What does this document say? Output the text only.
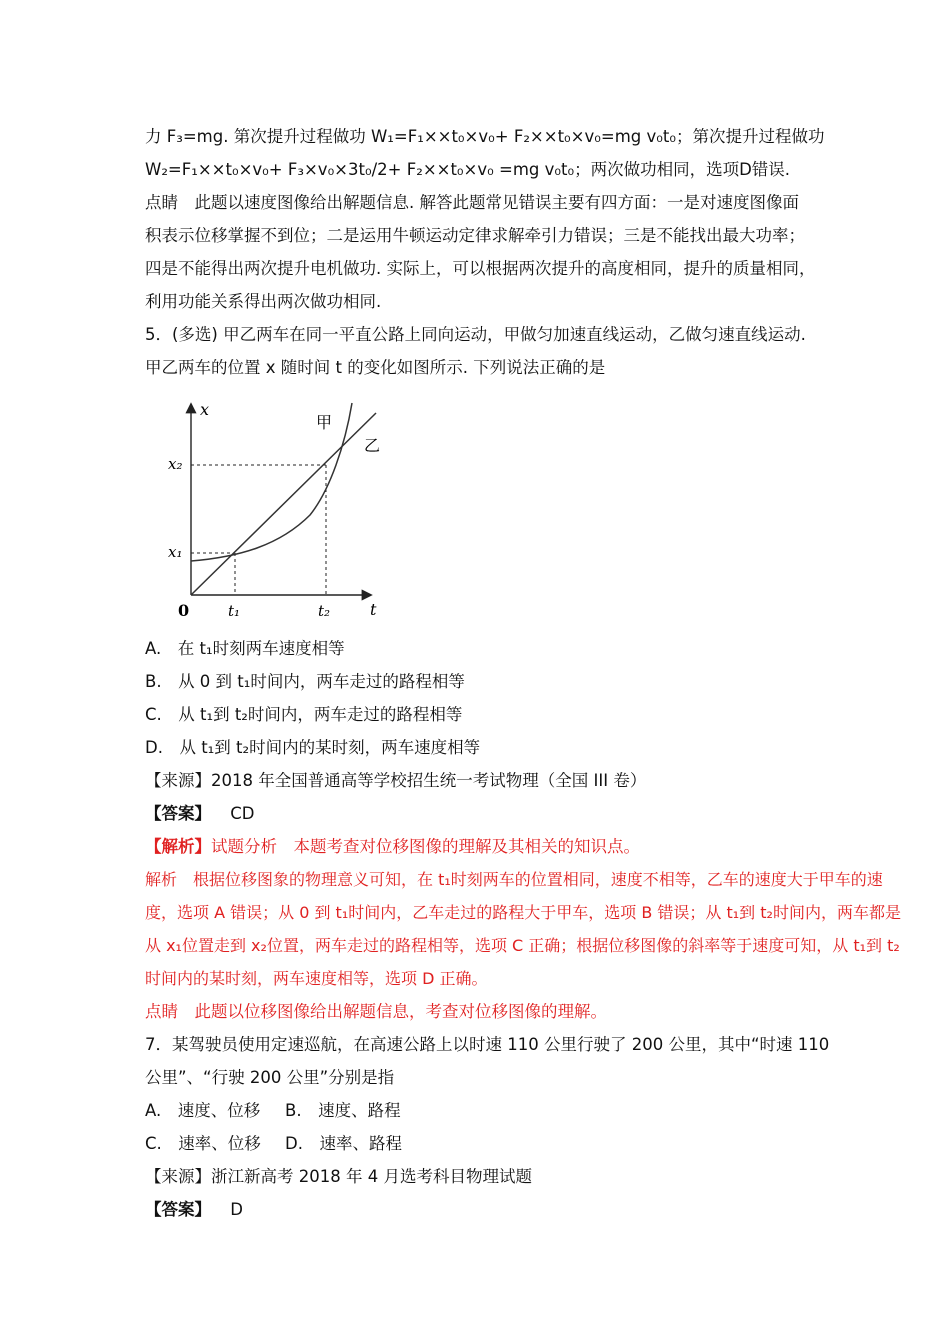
力 F₃=mg. 第次提升过程做功 W₁=F₁××t₀×v₀+ F₂××t₀×v₀=mg v₀t₀；第次提升过程做功
W₂=F₁××t₀×v₀+ F₃×v₀×3t₀/2+ F₂××t₀×v₀ =mg v₀t₀；两次做功相同，选项D错误.
点睛　此题以速度图像给出解题信息. 解答此题常见错误主要有四方面：一是对速度图像面
积表示位移掌握不到位；二是运用牛顿运动定律求解牵引力错误；三是不能找出最大功率；
四是不能得出两次提升电机做功. 实际上，可以根据两次提升的高度相同，提升的质量相同，
利用功能关系得出两次做功相同.
5．(多选) 甲乙两车在同一平直公路上同向运动，甲做匀加速直线运动，乙做匀速直线运动.
甲乙两车的位置 x 随时间 t 的变化如图所示. 下列说法正确的是
x
t
0
x₁
x₂
t₁	t₂
甲
乙
A.　在 t₁时刻两车速度相等
B.　从 0 到 t₁时间内，两车走过的路程相等
C.　从 t₁到 t₂时间内，两车走过的路程相等
D.　从 t₁到 t₂时间内的某时刻，两车速度相等
【来源】2018 年全国普通高等学校招生统一考试物理（全国 III 卷）
【答案】 CD
【解析】试题分析　本题考查对位移图像的理解及其相关的知识点。
解析　根据位移图象的物理意义可知，在 t₁时刻两车的位置相同，速度不相等，乙车的速度大于甲车的速
度，选项 A 错误；从 0 到 t₁时间内，乙车走过的路程大于甲车，选项 B 错误；从 t₁到 t₂时间内，两车都是
从 x₁位置走到 x₂位置，两车走过的路程相等，选项 C 正确；根据位移图像的斜率等于速度可知，从 t₁到 t₂
时间内的某时刻，两车速度相等，选项 D 正确。
点睛　此题以位移图像给出解题信息，考查对位移图像的理解。
7．某驾驶员使用定速巡航，在高速公路上以时速 110 公里行驶了 200 公里，其中“时速 110
公里”、“行驶 200 公里”分别是指
A.　速度、位移 B.　速度、路程
C.　速率、位移 D.　速率、路程
【来源】浙江新高考 2018 年 4 月选考科目物理试题
【答案】 D
